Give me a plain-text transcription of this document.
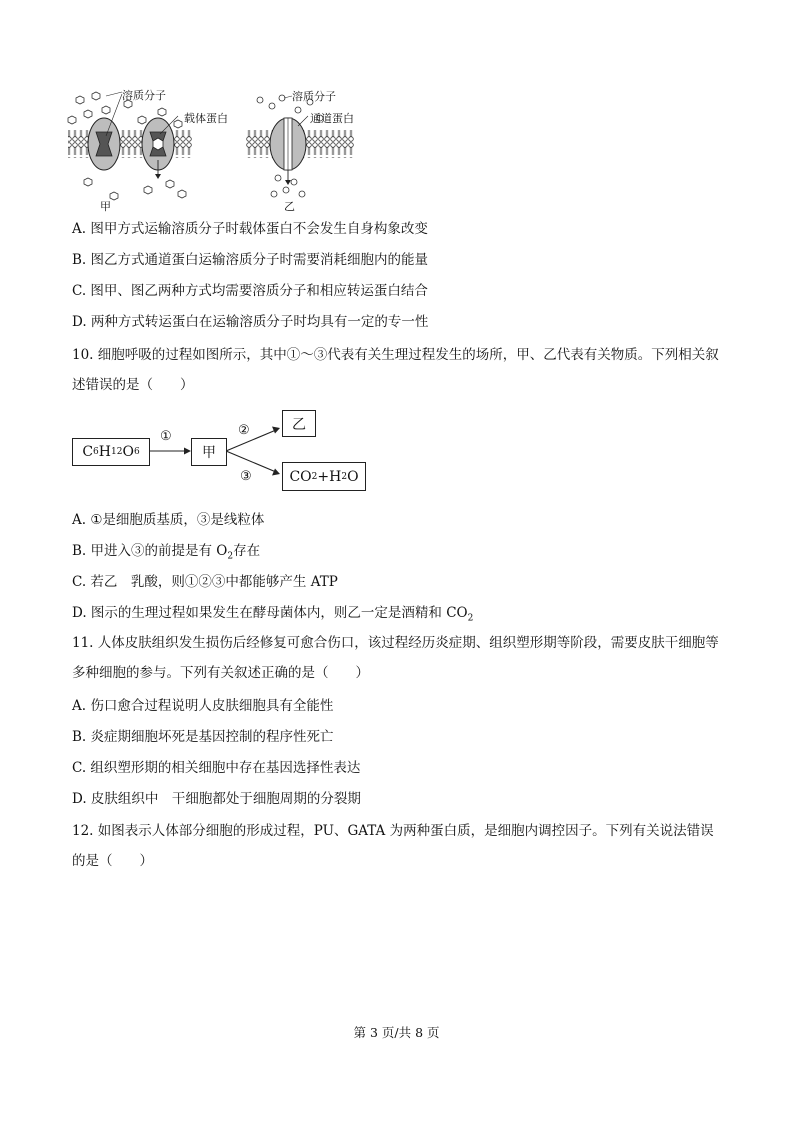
溶质分子
载体蛋白
溶质分子
通道蛋白
甲	乙
A. 图甲方式运输溶质分子时载体蛋白不会发生自身构象改变
B. 图乙方式通道蛋白运输溶质分子时需要消耗细胞内的能量
C. 图甲、图乙两种方式均需要溶质分子和相应转运蛋白结合
D. 两种方式转运蛋白在运输溶质分子时均具有一定的专一性
10. 细胞呼吸的过程如图所示，其中①～③代表有关生理过程发生的场所，甲、乙代表有关物质。下列相关叙述错误的是（　　）
C 6 H 12 O 6
①
甲
②	乙
③	CO 2 +H 2 O
A. ①是细胞质基质，③是线粒体
B. 甲进入③的前提是有 $O_2$存在
C. 若乙　乳酸，则①②③中都能够产生 ATP
D. 图示的生理过程如果发生在酵母菌体内，则乙一定是酒精和 $CO_2$
11. 人体皮肤组织发生损伤后经修复可愈合伤口，该过程经历炎症期、组织塑形期等阶段，需要皮肤干细胞等多种细胞的参与。下列有关叙述正确的是（　　）
A. 伤口愈合过程说明人皮肤细胞具有全能性
B. 炎症期细胞坏死是基因控制的程序性死亡
C. 组织塑形期的相关细胞中存在基因选择性表达
D. 皮肤组织中　干细胞都处于细胞周期的分裂期
12. 如图表示人体部分细胞的形成过程，PU、GATA 为两种蛋白质，是细胞内调控因子。下列有关说法错误的是（　　）
第 3 页/共 8 页
